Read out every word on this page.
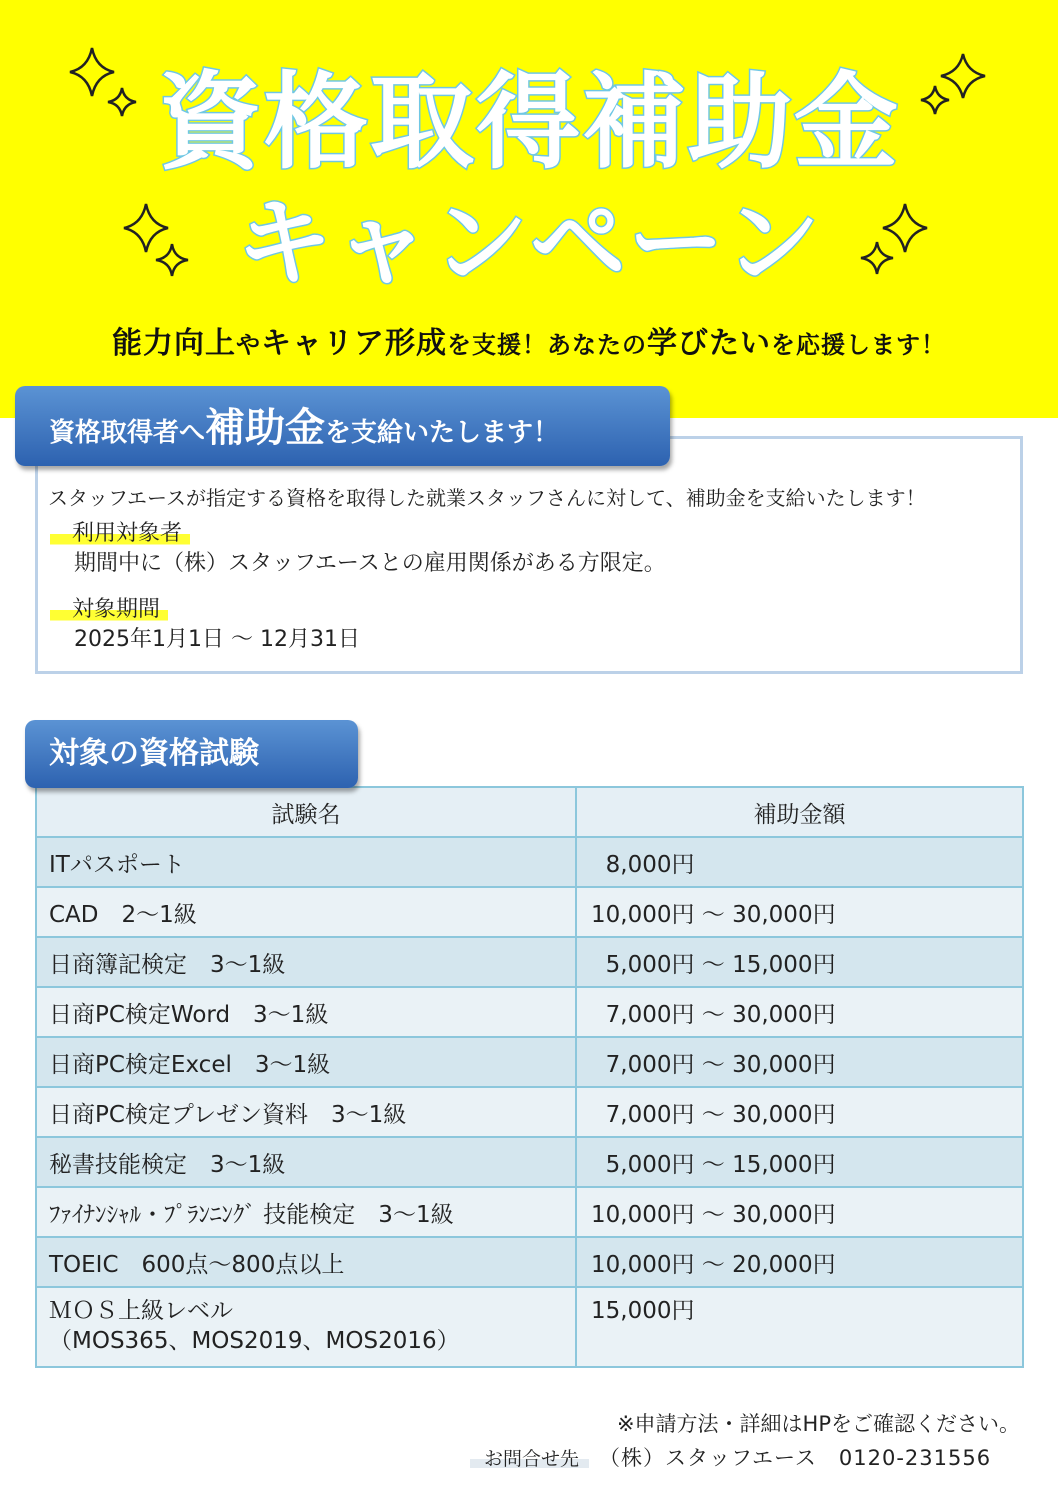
資格取得補助金
キャンペーン
能力向上やキャリア形成を支援！あなたの学びたいを応援します！
資格取得者へ補助金を支給いたします！
スタッフエースが指定する資格を取得した就業スタッフさんに対して、補助金を支給いたします！
利用対象者
期間中に（株）スタッフエースとの雇用関係がある方限定。
対象期間
2025年1月1日 ～ 12月31日
試験名	補助金額
ITパスポート	8,000円
CAD　2～1級	10,000円 ～ 30,000円
日商簿記検定　3～1級	5,000円 ～ 15,000円
日商PC検定Word　3～1級	7,000円 ～ 30,000円
日商PC検定Excel　3～1級	7,000円 ～ 30,000円
日商PC検定プレゼン資料　3～1級	7,000円 ～ 30,000円
秘書技能検定　3～1級	5,000円 ～ 15,000円
ﾌｧｲﾅﾝｼｬﾙ・ﾌﾟﾗﾝﾆﾝｸﾞ 技能検定　3～1級	10,000円 ～ 30,000円
TOEIC　600点～800点以上	10,000円 ～ 20,000円

ＭＯＳ上級レベル
（MOS365、MOS2019、MOS2016）	15,000円
対象の資格試験
※申請方法・詳細はHPをご確認ください。
お問合せ先 （株）スタッフエース　0120-231556
